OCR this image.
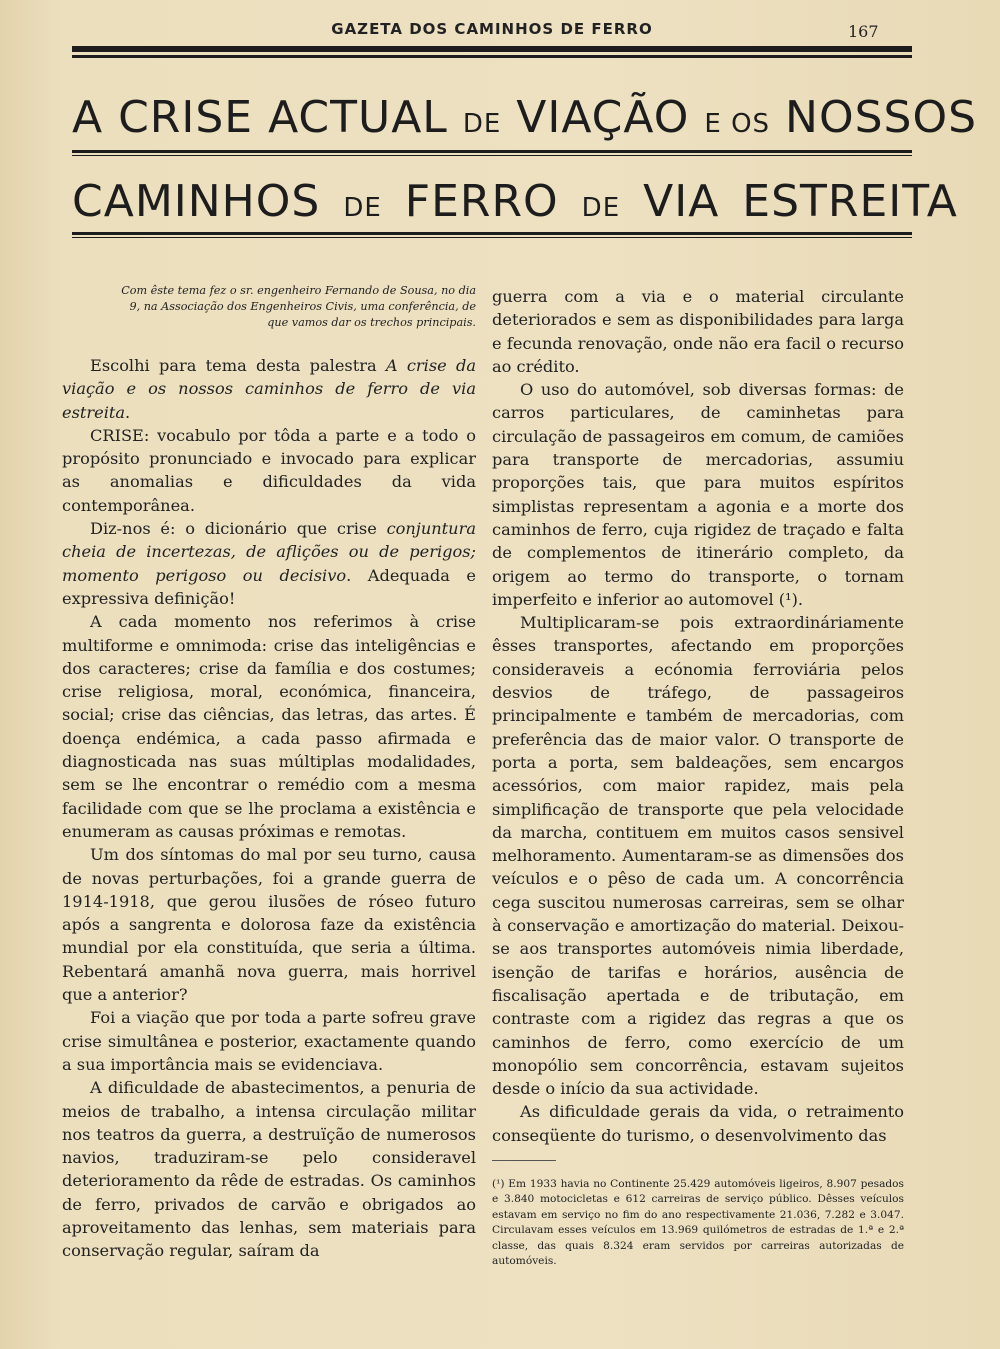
GAZETA DOS CAMINHOS DE FERRO	167
A CRISE ACTUAL DE VIAÇÃO E OS NOSSOS
CAMINHOS DE FERRO DE VIA ESTREITA
Com êste tema fez o sr. engenheiro Fernando de Sousa, no dia 9, na Associação dos Engenheiros Civis, uma conferência, de que vamos dar os trechos principais.

Escolhi para tema desta palestra A crise da viação e os nossos caminhos de ferro de via estreita.

CRISE: vocabulo por tôda a parte e a todo o propósito pronunciado e invocado para explicar as anomalias e dificuldades da vida contemporânea.

Diz-nos é: o dicionário que crise conjuntura cheia de incertezas, de aflições ou de perigos; momento perigoso ou decisivo. Adequada e expressiva definição!

A cada momento nos referimos à crise multiforme e omnimoda: crise das inteligências e dos caracteres; crise da família e dos costumes; crise religiosa, moral, económica, financeira, social; crise das ciências, das letras, das artes. É doença endémica, a cada passo afirmada e diagnosticada nas suas múltiplas modalidades, sem se lhe encontrar o remédio com a mesma facilidade com que se lhe proclama a existência e enumeram as causas próximas e remotas.

Um dos síntomas do mal por seu turno, causa de novas perturbações, foi a grande guerra de 1914-1918, que gerou ilusões de róseo futuro após a sangrenta e dolorosa faze da existência mundial por ela constituída, que seria a última. Rebentará amanhã nova guerra, mais horrivel que a anterior?

Foi a viação que por toda a parte sofreu grave crise simultânea e posterior, exactamente quando a sua importância mais se evidenciava.

A dificuldade de abastecimentos, a penuria de meios de trabalho, a intensa circulação militar nos teatros da guerra, a destruïção de numerosos navios, traduziram-se pelo consideravel deterioramento da rêde de estradas. Os caminhos de ferro, privados de carvão e obrigados ao aproveitamento das lenhas, sem materiais para conservação regular, saíram da

guerra com a via e o material circulante deteriorados e sem as disponibilidades para larga e fecunda renovação, onde não era facil o recurso ao crédito.

O uso do automóvel, sob diversas formas: de carros particulares, de caminhetas para circulação de passageiros em comum, de camiões para transporte de mercadorias, assumiu proporções tais, que para muitos espíritos simplistas representam a agonia e a morte dos caminhos de ferro, cuja rigidez de traçado e falta de complementos de itinerário completo, da origem ao termo do transporte, o tornam imperfeito e inferior ao automovel (¹).

Multiplicaram-se pois extraordináriamente êsses transportes, afectando em proporções consideraveis a ecónomia ferroviária pelos desvios de tráfego, de passageiros principalmente e também de mercadorias, com preferência das de maior valor. O transporte de porta a porta, sem baldeações, sem encargos acessórios, com maior rapidez, mais pela simplificação de transporte que pela velocidade da marcha, contituem em muitos casos sensivel melhoramento. Aumentaram-se as dimensões dos veículos e o pêso de cada um. A concorrência cega suscitou numerosas carreiras, sem se olhar à conservação e amortização do material. Deixou-se aos transportes automóveis nimia liberdade, isenção de tarifas e horários, ausência de fiscalisação apertada e de tributação, em contraste com a rigidez das regras a que os caminhos de ferro, como exercício de um monopólio sem concorrência, estavam sujeitos desde o início da sua actividade.

As dificuldade gerais da vida, o retraimento conseqüente do turismo, o desenvolvimento das

(¹) Em 1933 havia no Continente 25.429 automóveis ligeiros, 8.907 pesados e 3.840 motocicletas e 612 carreiras de serviço público. Dêsses veículos estavam em serviço no fim do ano respectivamente 21.036, 7.282 e 3.047. Circulavam esses veículos em 13.969 quilómetros de estradas de 1.ª e 2.ª classe, das quais 8.324 eram servidos por carreiras autorizadas de automóveis.
